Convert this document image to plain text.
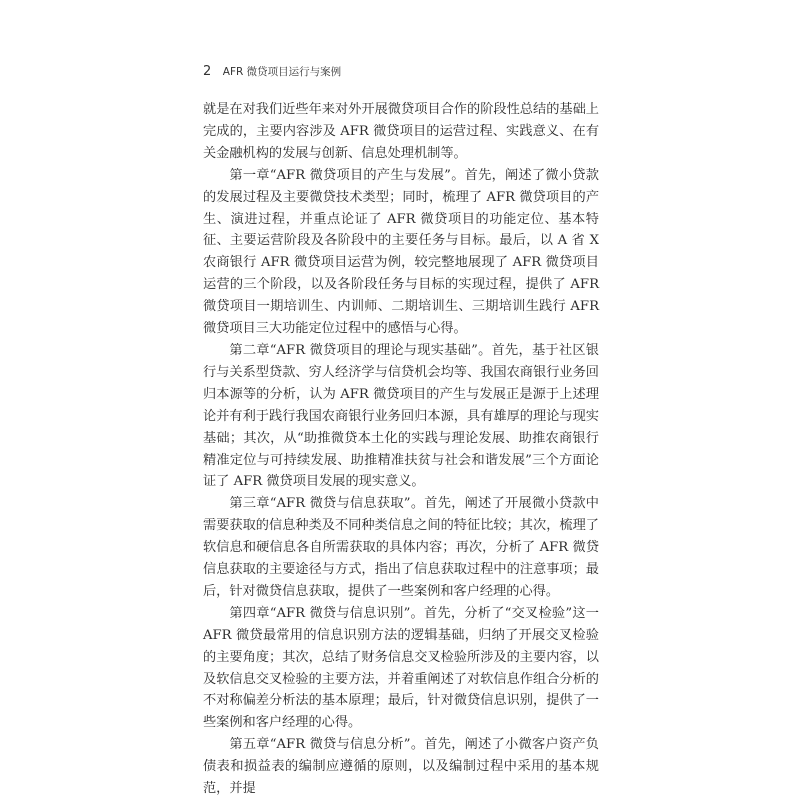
2 AFR 微贷项目运行与案例

就是在对我们近些年来对外开展微贷项目合作的阶段性总结的基础上完成的，主要内容涉及 AFR 微贷项目的运营过程、实践意义、在有关金融机构的发展与创新、信息处理机制等。

第一章“AFR 微贷项目的产生与发展”。首先，阐述了微小贷款的发展过程及主要微贷技术类型；同时，梳理了 AFR 微贷项目的产生、演进过程，并重点论证了 AFR 微贷项目的功能定位、基本特征、主要运营阶段及各阶段中的主要任务与目标。最后，以 A 省 X 农商银行 AFR 微贷项目运营为例，较完整地展现了 AFR 微贷项目运营的三个阶段，以及各阶段任务与目标的实现过程，提供了 AFR 微贷项目一期培训生、内训师、二期培训生、三期培训生践行 AFR 微贷项目三大功能定位过程中的感悟与心得。

第二章“AFR 微贷项目的理论与现实基础”。首先，基于社区银行与关系型贷款、穷人经济学与信贷机会均等、我国农商银行业务回归本源等的分析，认为 AFR 微贷项目的产生与发展正是源于上述理论并有利于践行我国农商银行业务回归本源，具有雄厚的理论与现实基础；其次，从“助推微贷本土化的实践与理论发展、助推农商银行精准定位与可持续发展、助推精准扶贫与社会和谐发展”三个方面论证了 AFR 微贷项目发展的现实意义。

第三章“AFR 微贷与信息获取”。首先，阐述了开展微小贷款中需要获取的信息种类及不同种类信息之间的特征比较；其次，梳理了软信息和硬信息各自所需获取的具体内容；再次，分析了 AFR 微贷信息获取的主要途径与方式，指出了信息获取过程中的注意事项；最后，针对微贷信息获取，提供了一些案例和客户经理的心得。

第四章“AFR 微贷与信息识别”。首先，分析了“交叉检验”这一 AFR 微贷最常用的信息识别方法的逻辑基础，归纳了开展交叉检验的主要角度；其次，总结了财务信息交叉检验所涉及的主要内容，以及软信息交叉检验的主要方法，并着重阐述了对软信息作组合分析的不对称偏差分析法的基本原理；最后，针对微贷信息识别，提供了一些案例和客户经理的心得。

第五章“AFR 微贷与信息分析”。首先，阐述了小微客户资产负债表和损益表的编制应遵循的原则，以及编制过程中采用的基本规范，并提
